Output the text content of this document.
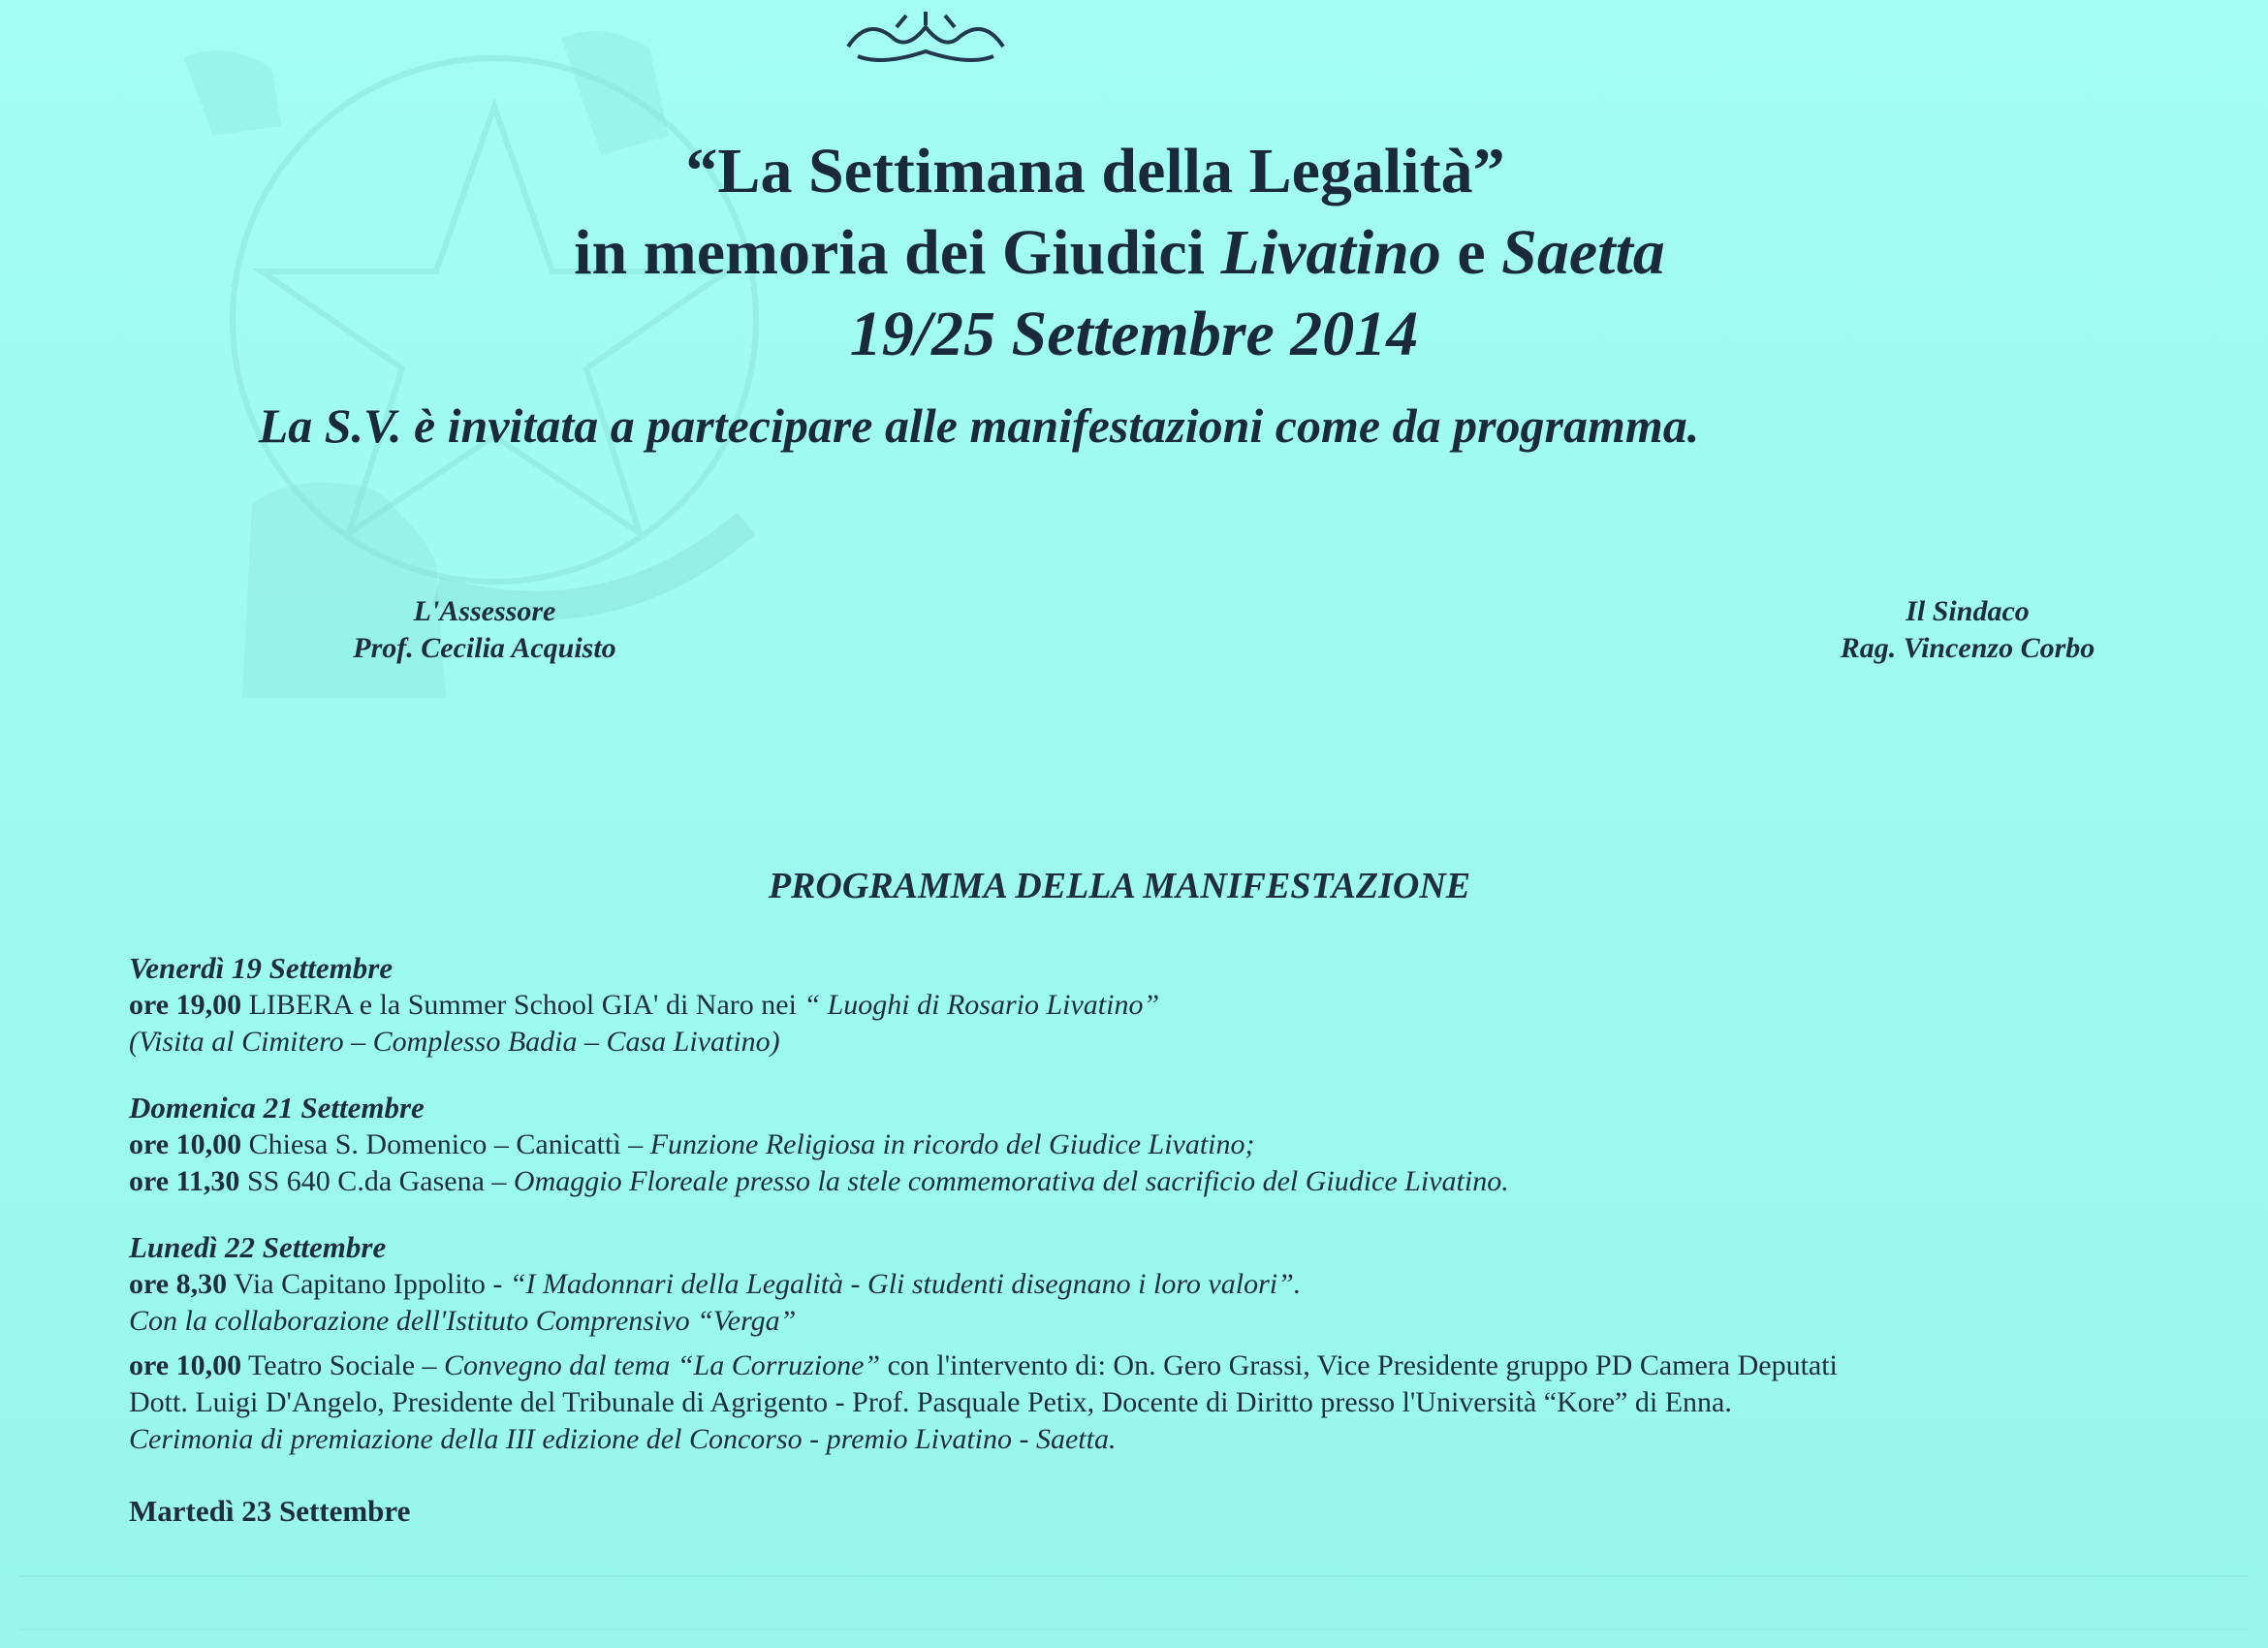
“La Settimana della Legalità”
in memoria dei Giudici Livatino e Saetta
19/25 Settembre 2014
La S.V. è invitata a partecipare alle manifestazioni come da programma.
L'Assessore
Prof. Cecilia Acquisto
Il Sindaco
Rag. Vincenzo Corbo
PROGRAMMA DELLA MANIFESTAZIONE
Venerdì 19 Settembre
ore 19,00 LIBERA e la Summer School GIA' di Naro nei “ Luoghi di Rosario Livatino”
(Visita al Cimitero – Complesso Badia – Casa Livatino)
Domenica 21 Settembre
ore 10,00 Chiesa S. Domenico – Canicattì – Funzione Religiosa in ricordo del Giudice Livatino;
ore 11,30 SS 640 C.da Gasena – Omaggio Floreale presso la stele commemorativa del sacrificio del Giudice Livatino.
Lunedì 22 Settembre
ore 8,30 Via Capitano Ippolito - “I Madonnari della Legalità - Gli studenti disegnano i loro valori”.
Con la collaborazione dell'Istituto Comprensivo “Verga”
ore 10,00 Teatro Sociale – Convegno dal tema “La Corruzione” con l'intervento di: On. Gero Grassi, Vice Presidente gruppo PD Camera Deputati
Dott. Luigi D'Angelo, Presidente del Tribunale di Agrigento - Prof. Pasquale Petix, Docente di Diritto presso l'Università “Kore” di Enna.
Cerimonia di premiazione della III edizione del Concorso - premio Livatino - Saetta.
Martedì 23 Settembre
